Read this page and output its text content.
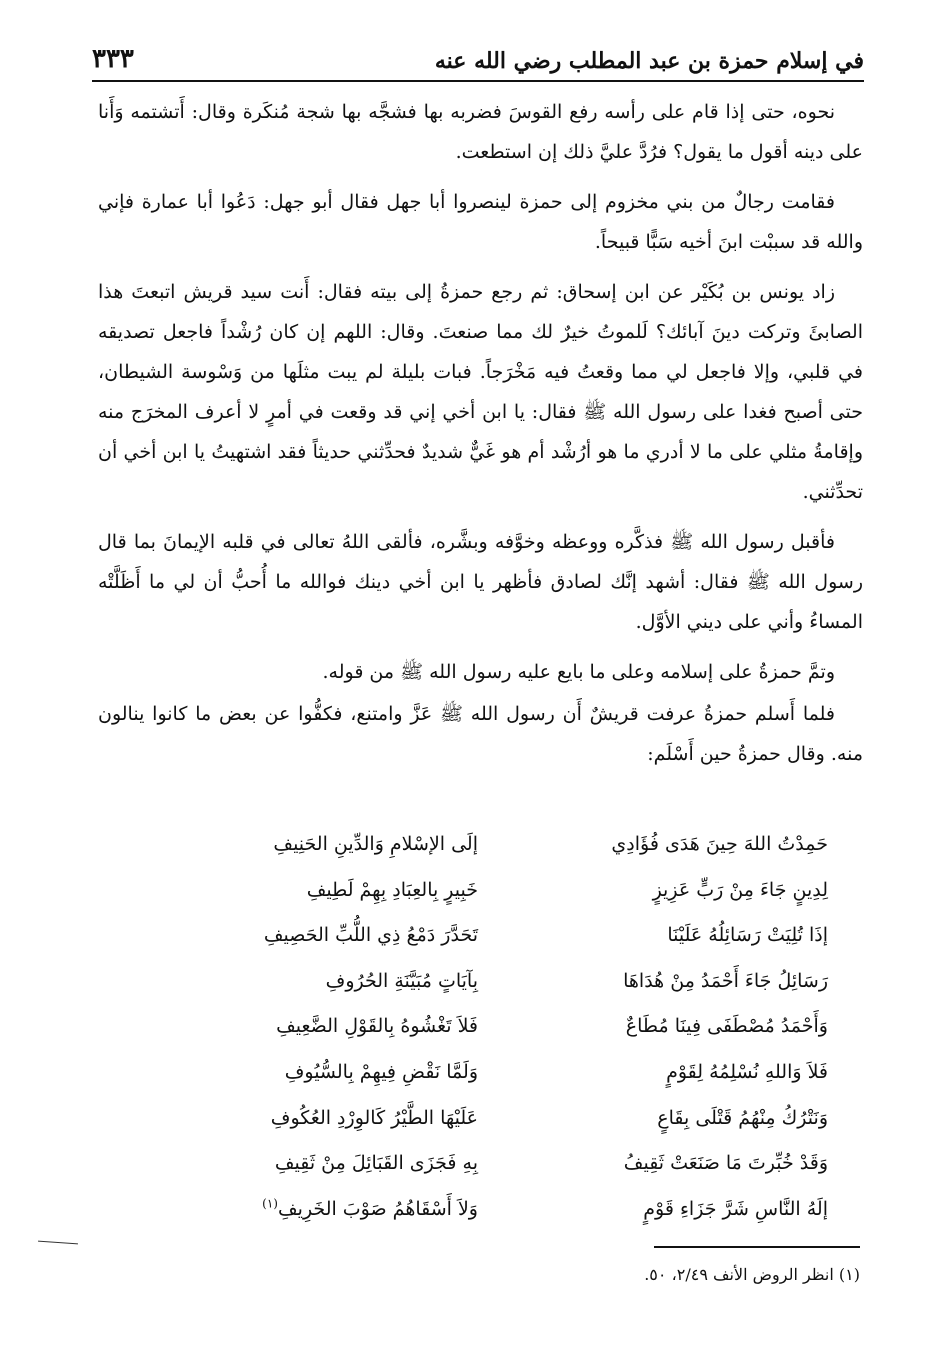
في إسلام حمزة بن عبد المطلب رضي الله عنه
٣٣٣

نحوه، حتى إذا قام على رأسه رفع القوسَ فضربه بها فشجَّه بها شجة مُنكَرة وقال: أَتشتمه وَأَنا على دينه أقول ما يقول؟ فرُدَّ عليَّ ذلك إن استطعت.

فقامت رجالٌ من بني مخزوم إلى حمزة لينصروا أبا جهل فقال أبو جهل: دَعُوا أبا عمارة فإني والله قد سببْت ابنَ أخيه سَبًّا قبيحاً.

زاد يونس بن بُكَيْر عن ابن إسحاق: ثم رجع حمزةُ إلى بيته فقال: أَنت سيد قريش اتبعتَ هذا الصابئَ وتركت دينَ آبائك؟ لَلموتُ خيرٌ لك مما صنعتَ. وقال: اللهم إن كان رُشْداً فاجعل تصديقه في قلبي، وإلا فاجعل لي مما وقعتُ فيه مَخْرَجاً. فبات بليلة لم يبت مثلَها من وَسْوسة الشيطان، حتى أصبح فغدا على رسول الله ﷺ فقال: يا ابن أخي إني قد وقعت في أمرٍ لا أعرف المخرَج منه وإقامةُ مثلي على ما لا أدري ما هو أرُشْد أم هو غَيٌّ شديدٌ فحدِّثني حديثاً فقد اشتهيتُ يا ابن أخي أن تحدِّثني.

فأقبل رسول الله ﷺ فذكَّره ووعظه وخوَّفه وبشَّره، فألقى اللهُ تعالى في قلبه الإيمانَ بما قال رسول الله ﷺ فقال: أشهد إنَّك لصادق فأظهر يا ابن أخي دينك فوالله ما أُحبُّ أن لي ما أَظَلَّتْه المساءُ وأني على ديني الأوَّل.

وتمَّ حمزةُ على إسلامه وعلى ما بايع عليه رسول الله ﷺ من قوله.

فلما أَسلم حمزةُ عرفت قريشٌ أَن رسول الله ﷺ عَزَّ وامتنع، فكفُّوا عن بعض ما كانوا ينالون منه. وقال حمزةُ حين أَسْلَم:

حَمِدْتُ اللهَ حِينَ هَدَى فُؤَادِي
إلَى الإسْلامِ وَالدِّينِ الحَنِيفِ
لِدِينٍ جَاءَ مِنْ رَبٍّ عَزِيزٍ
خَبِيرٍ بِالعِبَادِ بِهِمْ لَطِيفِ
إذَا تُلِيَتْ رَسَائِلُهُ عَلَيْنَا
تَحَدَّرَ دَمْعُ ذِي اللُّبِّ الحَصِيفِ
رَسَائِلُ جَاءَ أَحْمَدُ مِنْ هُدَاهَا
بِآيَاتٍ مُبَيَّنَةِ الحُرُوفِ
وَأَحْمَدُ مُصْطَفَى فِينَا مُطَاعٌ
فَلاَ تَغْشُوهُ بِالقَوْلِ الضَّعِيفِ
فَلاَ وَاللهِ نُسْلِمُهُ لِقَوْمٍ
وَلَمَّا نَقْضِ فِيهِمْ بِالسُّيُوفِ
وَنَتْرُكُ مِنْهُمُ قَتْلَى بِقَاعٍ
عَلَيْهَا الطَّيْرُ كَالوِرْدِ العُكُوفِ
وَقَدْ خُبِّرتَ مَا صَنَعَتْ ثَقِيفُ
بِهِ فَجَزَى القَبَائِلَ مِنْ ثَقِيفِ
إلَهُ النَّاسِ شَرَّ جَزَاءِ قَوْمٍ
وَلاَ أَسْقَاهُمُ صَوْبَ الخَرِيفِ$^{(١)}$
(١) انظر الروض الأنف ٢/٤٩، ٥٠.
